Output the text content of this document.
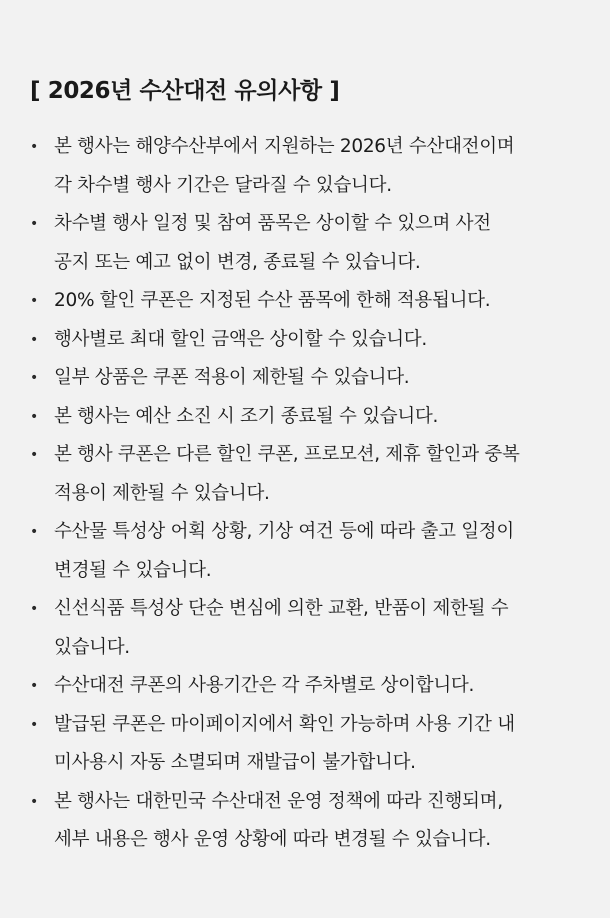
[ 2026년 수산대전 유의사항 ]
• 본 행사는 해양수산부에서 지원하는 2026년 수산대전이며
각 차수별 행사 기간은 달라질 수 있습니다.
• 차수별 행사 일정 및 참여 품목은 상이할 수 있으며 사전
공지 또는 예고 없이 변경, 종료될 수 있습니다.
• 20% 할인 쿠폰은 지정된 수산 품목에 한해 적용됩니다.
• 행사별로 최대 할인 금액은 상이할 수 있습니다.
• 일부 상품은 쿠폰 적용이 제한될 수 있습니다.
• 본 행사는 예산 소진 시 조기 종료될 수 있습니다.
• 본 행사 쿠폰은 다른 할인 쿠폰, 프로모션, 제휴 할인과 중복
적용이 제한될 수 있습니다.
• 수산물 특성상 어획 상황, 기상 여건 등에 따라 출고 일정이
변경될 수 있습니다.
• 신선식품 특성상 단순 변심에 의한 교환, 반품이 제한될 수
있습니다.
• 수산대전 쿠폰의 사용기간은 각 주차별로 상이합니다.
• 발급된 쿠폰은 마이페이지에서 확인 가능하며 사용 기간 내
미사용시 자동 소멸되며 재발급이 불가합니다.
• 본 행사는 대한민국 수산대전 운영 정책에 따라 진행되며,
세부 내용은 행사 운영 상황에 따라 변경될 수 있습니다.
